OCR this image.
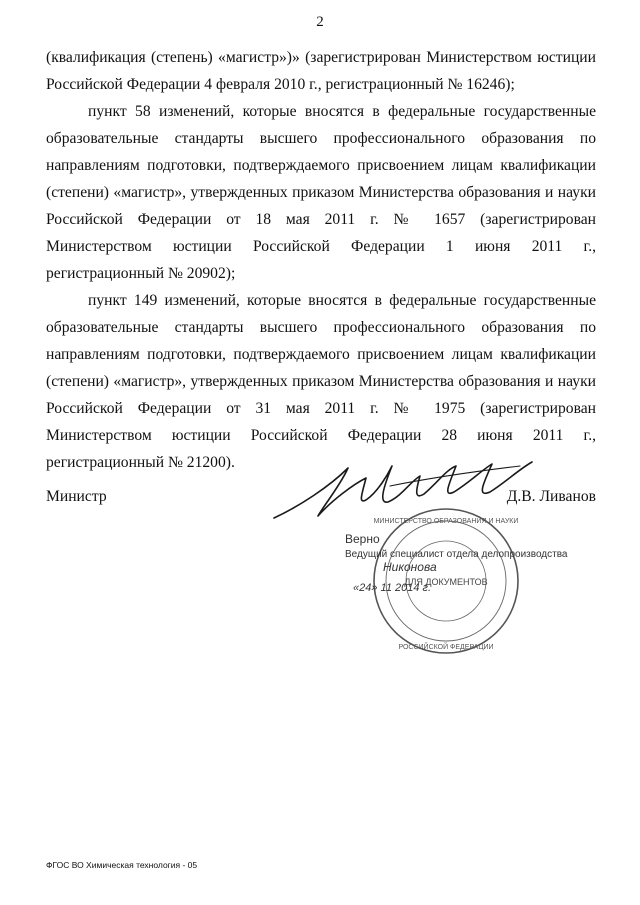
2

(квалификация (степень) «магистр»)» (зарегистрирован Министерством юстиции Российской Федерации 4 февраля 2010 г., регистрационный № 16246);

пункт 58 изменений, которые вносятся в федеральные государственные образовательные стандарты высшего профессионального образования по направлениям подготовки, подтверждаемого присвоением лицам квалификации (степени) «магистр», утвержденных приказом Министерства образования и науки Российской Федерации от 18 мая 2011 г. № 1657 (зарегистрирован Министерством юстиции Российской Федерации 1 июня 2011 г., регистрационный № 20902);

пункт 149 изменений, которые вносятся в федеральные государственные образовательные стандарты высшего профессионального образования по направлениям подготовки, подтверждаемого присвоением лицам квалификации (степени) «магистр», утвержденных приказом Министерства образования и науки Российской Федерации от 31 мая 2011 г. № 1975 (зарегистрирован Министерством юстиции Российской Федерации 28 июня 2011 г., регистрационный № 21200).

Министр	Д.В. Ливанов
МИНИСТЕРСТВО ОБРАЗОВАНИЯ И НАУКИ
РОССИЙСКОЙ ФЕДЕРАЦИИ
ДЛЯ ДОКУМЕНТОВ
Верно
Ведущий специалист отдела делопроизводства
Никонова
«24» 11 2014 г.
ФГОС ВО Химическая технология - 05
